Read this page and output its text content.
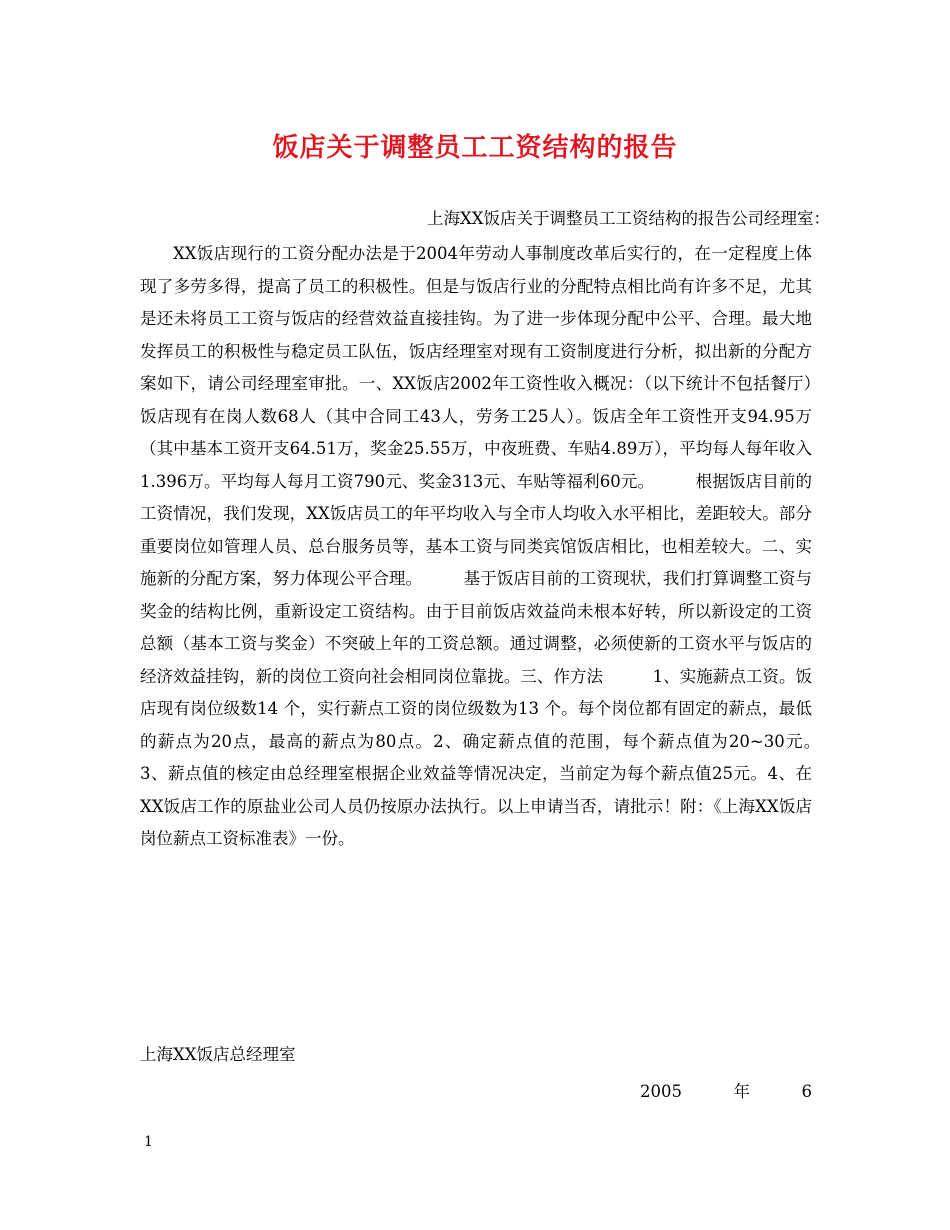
饭店关于调整员工工资结构的报告
上海XX饭店关于调整员工工资结构的报告公司经理室：

XX饭店现行的工资分配办法是于2004年劳动人事制度改革后实行的，在一定程度上体现了多劳多得，提高了员工的积极性。但是与饭店行业的分配特点相比尚有许多不足，尤其是还未将员工工资与饭店的经营效益直接挂钩。为了进一步体现分配中公平、合理。最大地发挥员工的积极性与稳定员工队伍，饭店经理室对现有工资制度进行分析，拟出新的分配方案如下，请公司经理室审批。一、XX饭店2002年工资性收入概况：（以下统计不包括餐厅）　　　饭店现有在岗人数68人（其中合同工43人，劳务工25人）。饭店全年工资性开支94.95万（其中基本工资开支64.51万，奖金25.55万，中夜班费、车贴4.89万），平均每人每年收入1.396万。平均每人每月工资790元、奖金313元、车贴等福利60元。　　　根据饭店目前的工资情况，我们发现，XX饭店员工的年平均收入与全市人均收入水平相比，差距较大。部分重要岗位如管理人员、总台服务员等，基本工资与同类宾馆饭店相比，也相差较大。二、实施新的分配方案，努力体现公平合理。　　　基于饭店目前的工资现状，我们打算调整工资与奖金的结构比例，重新设定工资结构。由于目前饭店效益尚未根本好转，所以新设定的工资总额（基本工资与奖金）不突破上年的工资总额。通过调整，必须使新的工资水平与饭店的经济效益挂钩，新的岗位工资向社会相同岗位靠拢。三、作方法　　　1、实施薪点工资。饭店现有岗位级数14 个，实行薪点工资的岗位级数为13 个。每个岗位都有固定的薪点，最低的薪点为20点，最高的薪点为80点。2、确定薪点值的范围，每个薪点值为20~30元。　　　　3、薪点值的核定由总经理室根据企业效益等情况决定，当前定为每个薪点值25元。4、在XX饭店工作的原盐业公司人员仍按原办法执行。以上申请当否，请批示！附：《上海XX饭店岗位薪点工资标准表》一份。

上海XX饭店总经理室
2005	年	6
1
